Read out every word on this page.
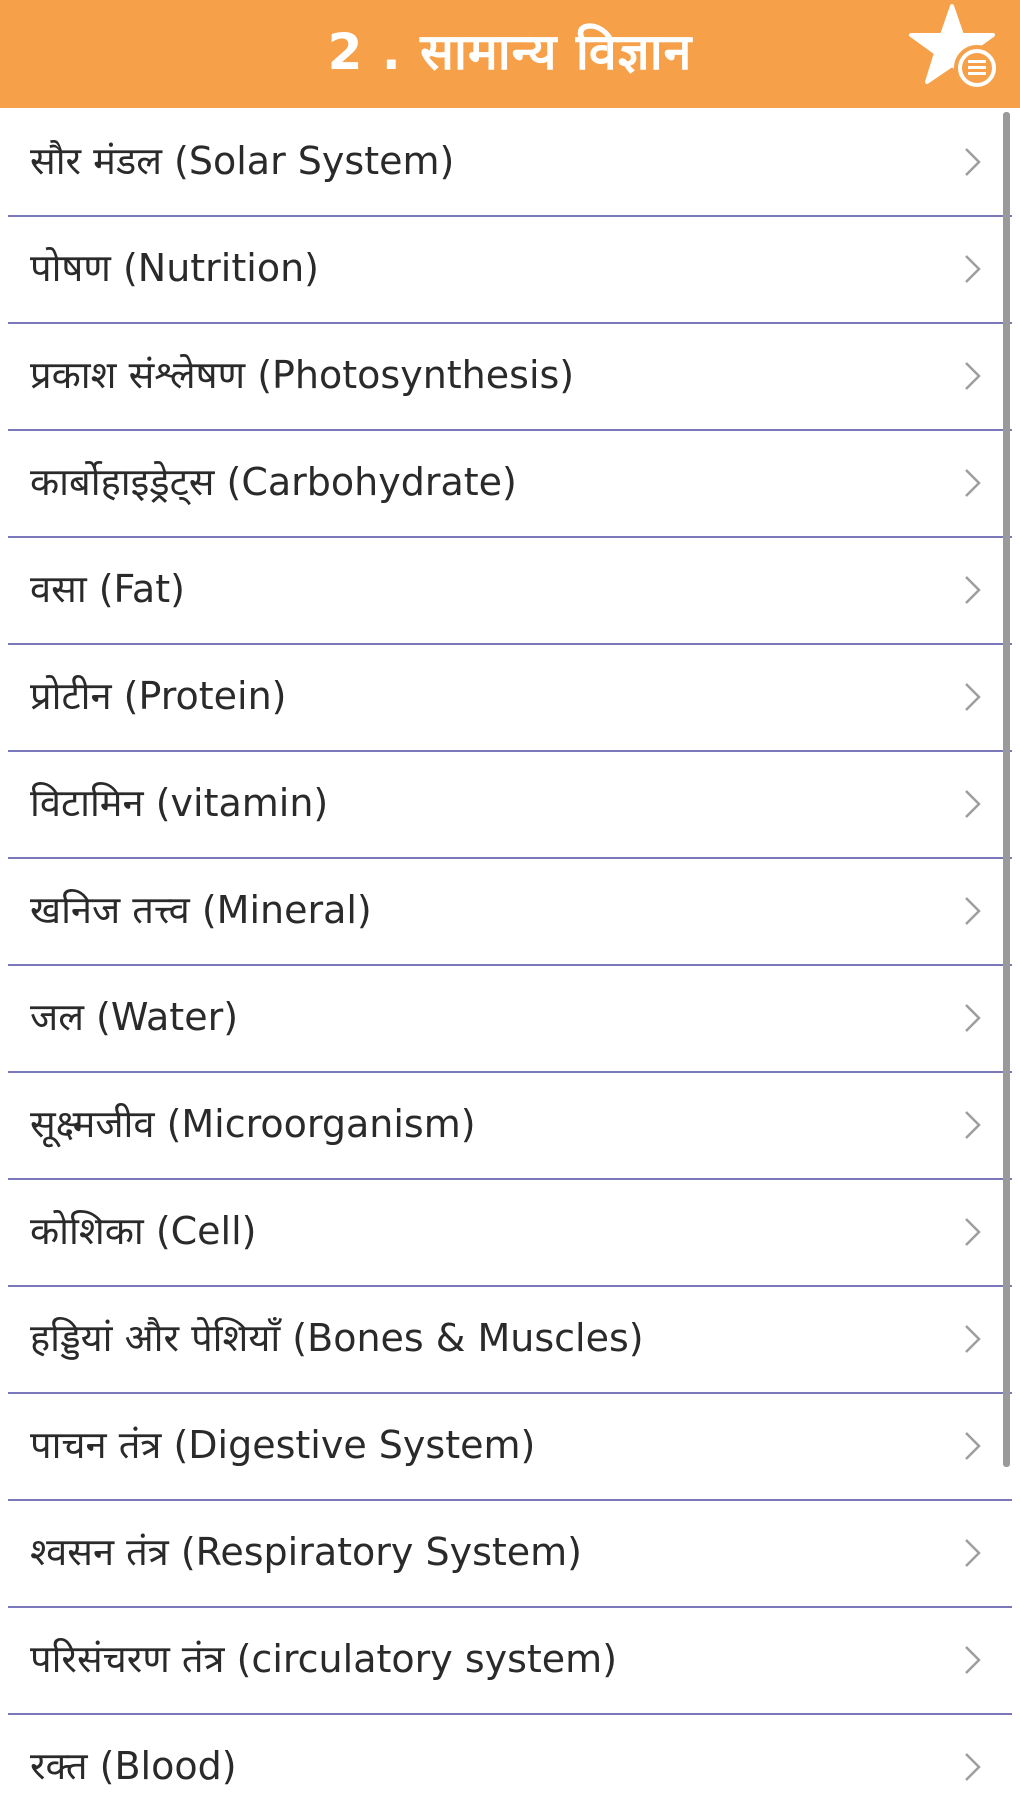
2 . सामान्य विज्ञान
सौर मंडल (Solar System)
पोषण (Nutrition)
प्रकाश संश्लेषण (Photosynthesis)
कार्बोहाइड्रेट्स (Carbohydrate)
वसा (Fat)
प्रोटीन (Protein)
विटामिन (vitamin)
खनिज तत्त्व (Mineral)
जल (Water)
सूक्ष्मजीव (Microorganism)
कोशिका (Cell)
हड्डियां और पेशियाँ (Bones & Muscles)
पाचन तंत्र (Digestive System)
श्वसन तंत्र (Respiratory System)
परिसंचरण तंत्र (circulatory system)
रक्त (Blood)
